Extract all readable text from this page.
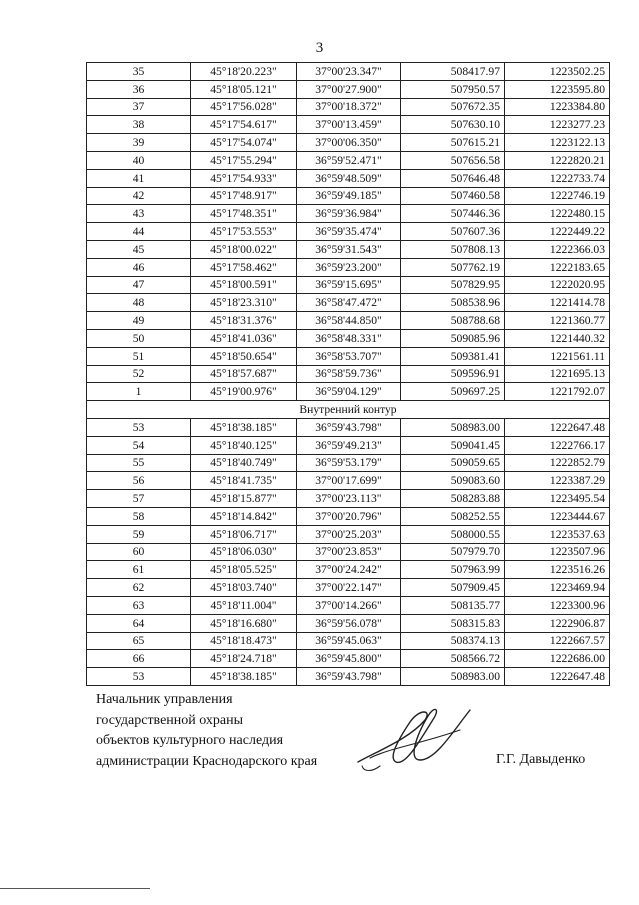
3
35	45°18'20.223"	37°00'23.347"	508417.97	1223502.25
36	45°18'05.121"	37°00'27.900"	507950.57	1223595.80
37	45°17'56.028"	37°00'18.372"	507672.35	1223384.80
38	45°17'54.617"	37°00'13.459"	507630.10	1223277.23
39	45°17'54.074"	37°00'06.350"	507615.21	1223122.13
40	45°17'55.294"	36°59'52.471"	507656.58	1222820.21
41	45°17'54.933"	36°59'48.509"	507646.48	1222733.74
42	45°17'48.917"	36°59'49.185"	507460.58	1222746.19
43	45°17'48.351"	36°59'36.984"	507446.36	1222480.15
44	45°17'53.553"	36°59'35.474"	507607.36	1222449.22
45	45°18'00.022"	36°59'31.543"	507808.13	1222366.03
46	45°17'58.462"	36°59'23.200"	507762.19	1222183.65
47	45°18'00.591"	36°59'15.695"	507829.95	1222020.95
48	45°18'23.310"	36°58'47.472"	508538.96	1221414.78
49	45°18'31.376"	36°58'44.850"	508788.68	1221360.77
50	45°18'41.036"	36°58'48.331"	509085.96	1221440.32
51	45°18'50.654"	36°58'53.707"	509381.41	1221561.11
52	45°18'57.687"	36°58'59.736"	509596.91	1221695.13
1	45°19'00.976"	36°59'04.129"	509697.25	1221792.07
Внутренний контур				
53	45°18'38.185"	36°59'43.798"	508983.00	1222647.48
54	45°18'40.125"	36°59'49.213"	509041.45	1222766.17
55	45°18'40.749"	36°59'53.179"	509059.65	1222852.79
56	45°18'41.735"	37°00'17.699"	509083.60	1223387.29
57	45°18'15.877"	37°00'23.113"	508283.88	1223495.54
58	45°18'14.842"	37°00'20.796"	508252.55	1223444.67
59	45°18'06.717"	37°00'25.203"	508000.55	1223537.63
60	45°18'06.030"	37°00'23.853"	507979.70	1223507.96
61	45°18'05.525"	37°00'24.242"	507963.99	1223516.26
62	45°18'03.740"	37°00'22.147"	507909.45	1223469.94
63	45°18'11.004"	37°00'14.266"	508135.77	1223300.96
64	45°18'16.680"	36°59'56.078"	508315.83	1222906.87
65	45°18'18.473"	36°59'45.063"	508374.13	1222667.57
66	45°18'24.718"	36°59'45.800"	508566.72	1222686.00
53	45°18'38.185"	36°59'43.798"	508983.00	1222647.48
Начальник управления
государственной охраны
объектов культурного наследия
администрации Краснодарского края	Г.Г. Давыденко
